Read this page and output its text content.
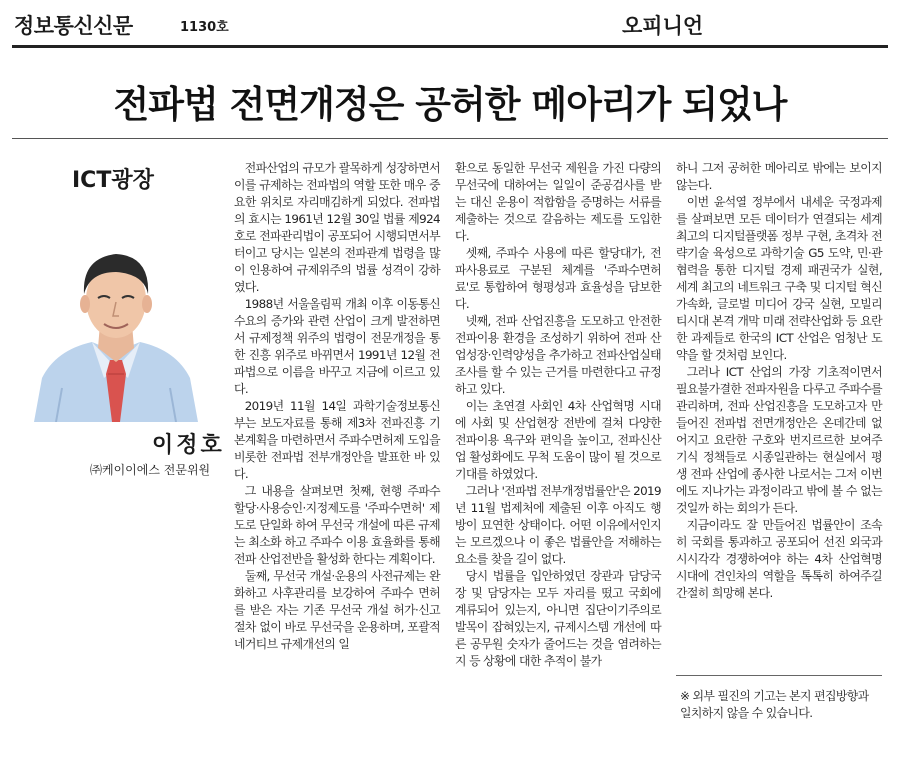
정보통신신문	1130호	오피니언
전파법 전면개정은 공허한 메아리가 되었나
ICT광장
이정호
㈜케이이에스 전문위원

전파산업의 규모가 괄목하게 성장하면서 이를 규제하는 전파법의 역할 또한 매우 중요한 위치로 자리매김하게 되었다. 전파법의 효시는 1961년 12월 30일 법률 제924호로 전파관리법이 공포되어 시행되면서부터이고 당시는 일본의 전파관계 법령을 많이 인용하여 규제위주의 법률 성격이 강하였다.

1988년 서울올림픽 개최 이후 이동통신 수요의 증가와 관련 산업이 크게 발전하면서 규제정책 위주의 법령이 전문개정을 통한 진흥 위주로 바뀌면서 1991년 12월 전파법으로 이름을 바꾸고 지금에 이르고 있다.

2019년 11월 14일 과학기술정보통신부는 보도자료를 통해 제3차 전파진흥 기본계획을 마련하면서 주파수면허제 도입을 비롯한 전파법 전부개정안을 발표한 바 있다.

그 내용을 살펴보면 첫째, 현행 주파수 할당·사용승인·지정제도를 '주파수면허' 제도로 단일화 하여 무선국 개설에 따른 규제는 최소화 하고 주파수 이용 효율화를 통해 전파 산업전반을 활성화 한다는 계획이다.

둘째, 무선국 개설·운용의 사전규제는 완화하고 사후관리를 보강하여 주파수 면허를 받은 자는 기존 무선국 개설 허가·신고 절차 없이 바로 무선국을 운용하며, 포괄적 네거티브 규제개선의 일

환으로 동일한 무선국 제원을 가진 다량의 무선국에 대하여는 일일이 준공검사를 받는 대신 운용이 적합함을 증명하는 서류를 제출하는 것으로 갈음하는 제도를 도입한다.

셋째, 주파수 사용에 따른 할당대가, 전파사용료로 구분된 체계를 '주파수면허료'로 통합하여 형평성과 효율성을 담보한다.

넷째, 전파 산업진흥을 도모하고 안전한 전파이용 환경을 조성하기 위하여 전파 산업성장·인력양성을 추가하고 전파산업실태조사를 할 수 있는 근거를 마련한다고 규정하고 있다.

이는 초연결 사회인 4차 산업혁명 시대에 사회 및 산업현장 전반에 걸쳐 다양한 전파이용 욕구와 편익을 높이고, 전파신산업 활성화에도 무척 도움이 많이 될 것으로 기대를 하였었다.

그러나 '전파법 전부개정법률안'은 2019년 11월 법제처에 제출된 이후 아직도 행방이 묘연한 상태이다. 어떤 이유에서인지는 모르겠으나 이 좋은 법률안을 저해하는 요소를 찾을 길이 없다.

당시 법률을 입안하였던 장관과 담당국장 및 담당자는 모두 자리를 떴고 국회에 계류되어 있는지, 아니면 집단이기주의로 발목이 잡혀있는지, 규제시스템 개선에 따른 공무원 숫자가 줄어드는 것을 염려하는지 등 상황에 대한 추적이 불가

하니 그저 공허한 메아리로 밖에는 보이지 않는다.

이번 윤석열 정부에서 내세운 국정과제를 살펴보면 모든 데이터가 연결되는 세계 최고의 디지털플랫폼 정부 구현, 초격차 전략기술 육성으로 과학기술 G5 도약, 민·관 협력을 통한 디지털 경제 패권국가 실현, 세계 최고의 네트워크 구축 및 디지털 혁신 가속화, 글로벌 미디어 강국 실현, 모빌리티시대 본격 개막 미래 전략산업화 등 요란한 과제들로 한국의 ICT 산업은 엄청난 도약을 할 것처럼 보인다.

그러나 ICT 산업의 가장 기초적이면서 필요불가결한 전파자원을 다루고 주파수를 관리하며, 전파 산업진흥을 도모하고자 만들어진 전파법 전면개정안은 온데간데 없어지고 요란한 구호와 번지르르한 보여주기식 정책들로 시종일관하는 현실에서 평생 전파 산업에 종사한 나로서는 그저 이번에도 지나가는 과정이라고 밖에 볼 수 없는 것일까 하는 회의가 든다.

지금이라도 잘 만들어진 법률안이 조속히 국회를 통과하고 공포되어 선진 외국과 시시각각 경쟁하여야 하는 4차 산업혁명 시대에 견인차의 역할을 톡톡히 하여주길 간절히 희망해 본다.

※ 외부 필진의 기고는 본지 편집방향과 일치하지 않을 수 있습니다.
